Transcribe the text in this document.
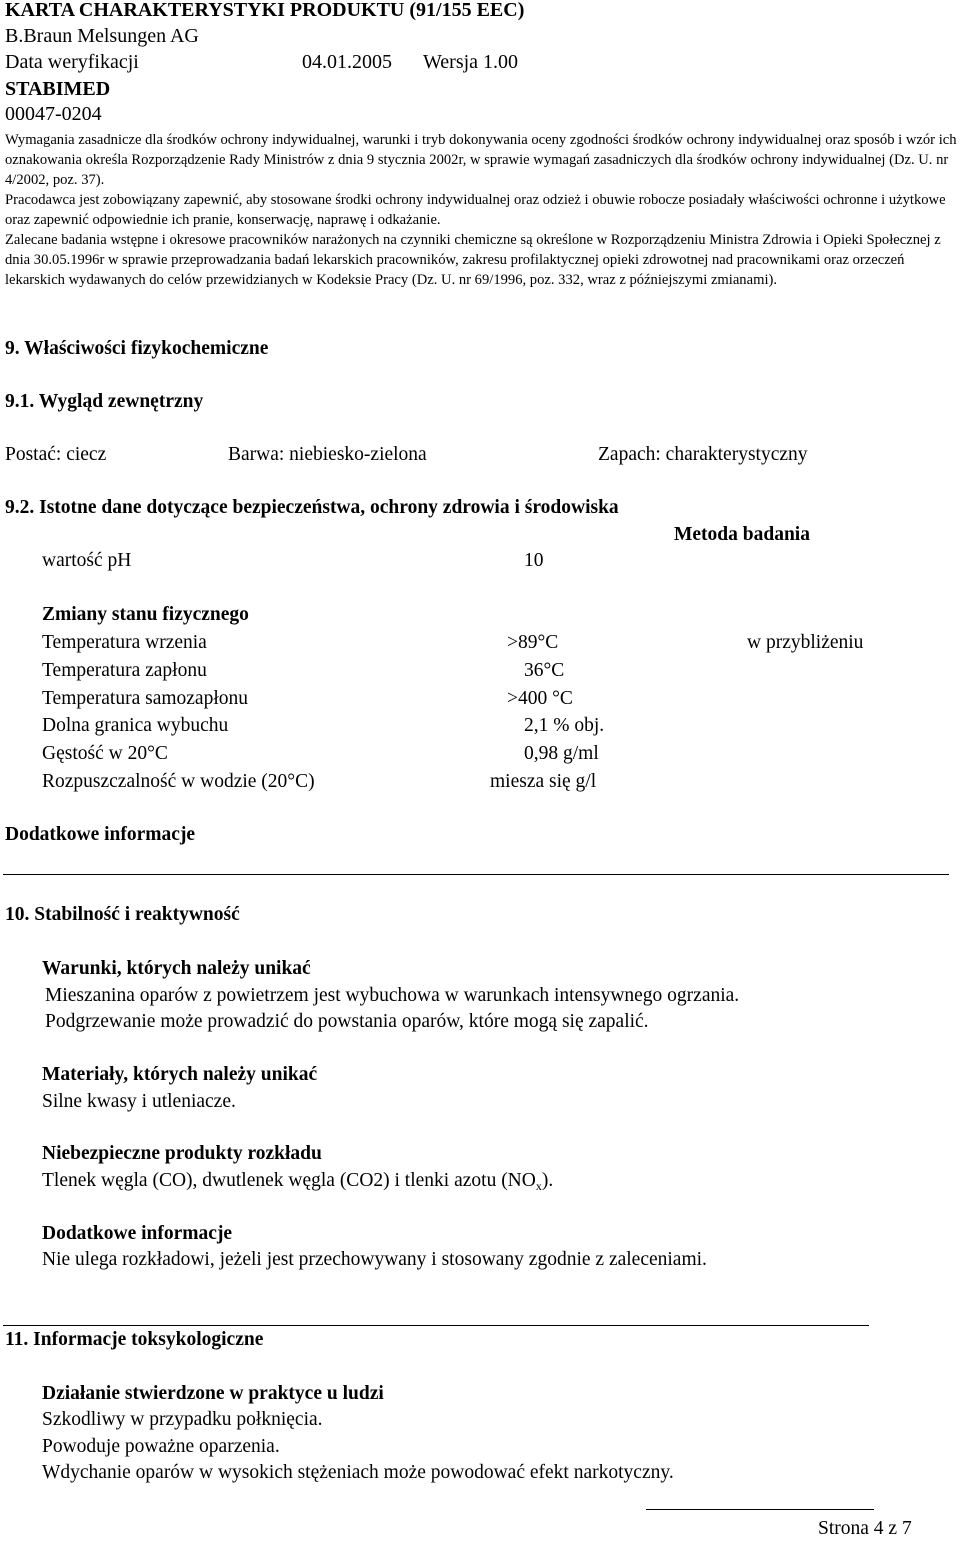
KARTA CHARAKTERYSTYKI PRODUKTU (91/155 EEC)
B.Braun Melsungen AG
Data weryfikacji	04.01.2005 Wersja 1.00
STABIMED
00047-0204
Wymagania zasadnicze dla środków ochrony indywidualnej, warunki i tryb dokonywania oceny zgodności środków ochrony indywidualnej oraz sposób i wzór ich oznakowania określa Rozporządzenie Rady Ministrów z dnia 9 stycznia 2002r, w sprawie wymagań zasadniczych dla środków ochrony indywidualnej (Dz. U. nr 4/2002, poz. 37).
Pracodawca jest zobowiązany zapewnić, aby stosowane środki ochrony indywidualnej oraz odzież i obuwie robocze posiadały właściwości ochronne i użytkowe oraz zapewnić odpowiednie ich pranie, konserwację, naprawę i odkażanie.
Zalecane badania wstępne i okresowe pracowników narażonych na czynniki chemiczne są określone w Rozporządzeniu Ministra Zdrowia i Opieki Społecznej z dnia 30.05.1996r w sprawie przeprowadzania badań lekarskich pracowników, zakresu profilaktycznej opieki zdrowotnej nad pracownikami oraz orzeczeń lekarskich wydawanych do celów przewidzianych w Kodeksie Pracy (Dz. U. nr 69/1996, poz. 332, wraz z późniejszymi zmianami).
9. Właściwości fizykochemiczne
9.1. Wygląd zewnętrzny
Postać: ciecz	Barwa: niebiesko-zielona	Zapach: charakterystyczny
9.2. Istotne dane dotyczące bezpieczeństwa, ochrony zdrowia i środowiska
Metoda badania
wartość pH	10
Zmiany stanu fizycznego
Temperatura wrzenia	>89°C	w przybliżeniu
Temperatura zapłonu	36°C
Temperatura samozapłonu	>400 °C
Dolna granica wybuchu	2,1 % obj.
Gęstość w 20°C	0,98 g/ml
Rozpuszczalność w wodzie (20°C)	miesza się g/l
Dodatkowe informacje
10. Stabilność i reaktywność
Warunki, których należy unikać
Mieszanina oparów z powietrzem jest wybuchowa w warunkach intensywnego ogrzania.
Podgrzewanie może prowadzić do powstania oparów, które mogą się zapalić.
Materiały, których należy unikać
Silne kwasy i utleniacze.
Niebezpieczne produkty rozkładu
Tlenek węgla (CO), dwutlenek węgla (CO2) i tlenki azotu $(NO_x)$.
Dodatkowe informacje
Nie ulega rozkładowi, jeżeli jest przechowywany i stosowany zgodnie z zaleceniami.
11. Informacje toksykologiczne
Działanie stwierdzone w praktyce u ludzi
Szkodliwy w przypadku połknięcia.
Powoduje poważne oparzenia.
Wdychanie oparów w wysokich stężeniach może powodować efekt narkotyczny.
Strona 4 z 7
